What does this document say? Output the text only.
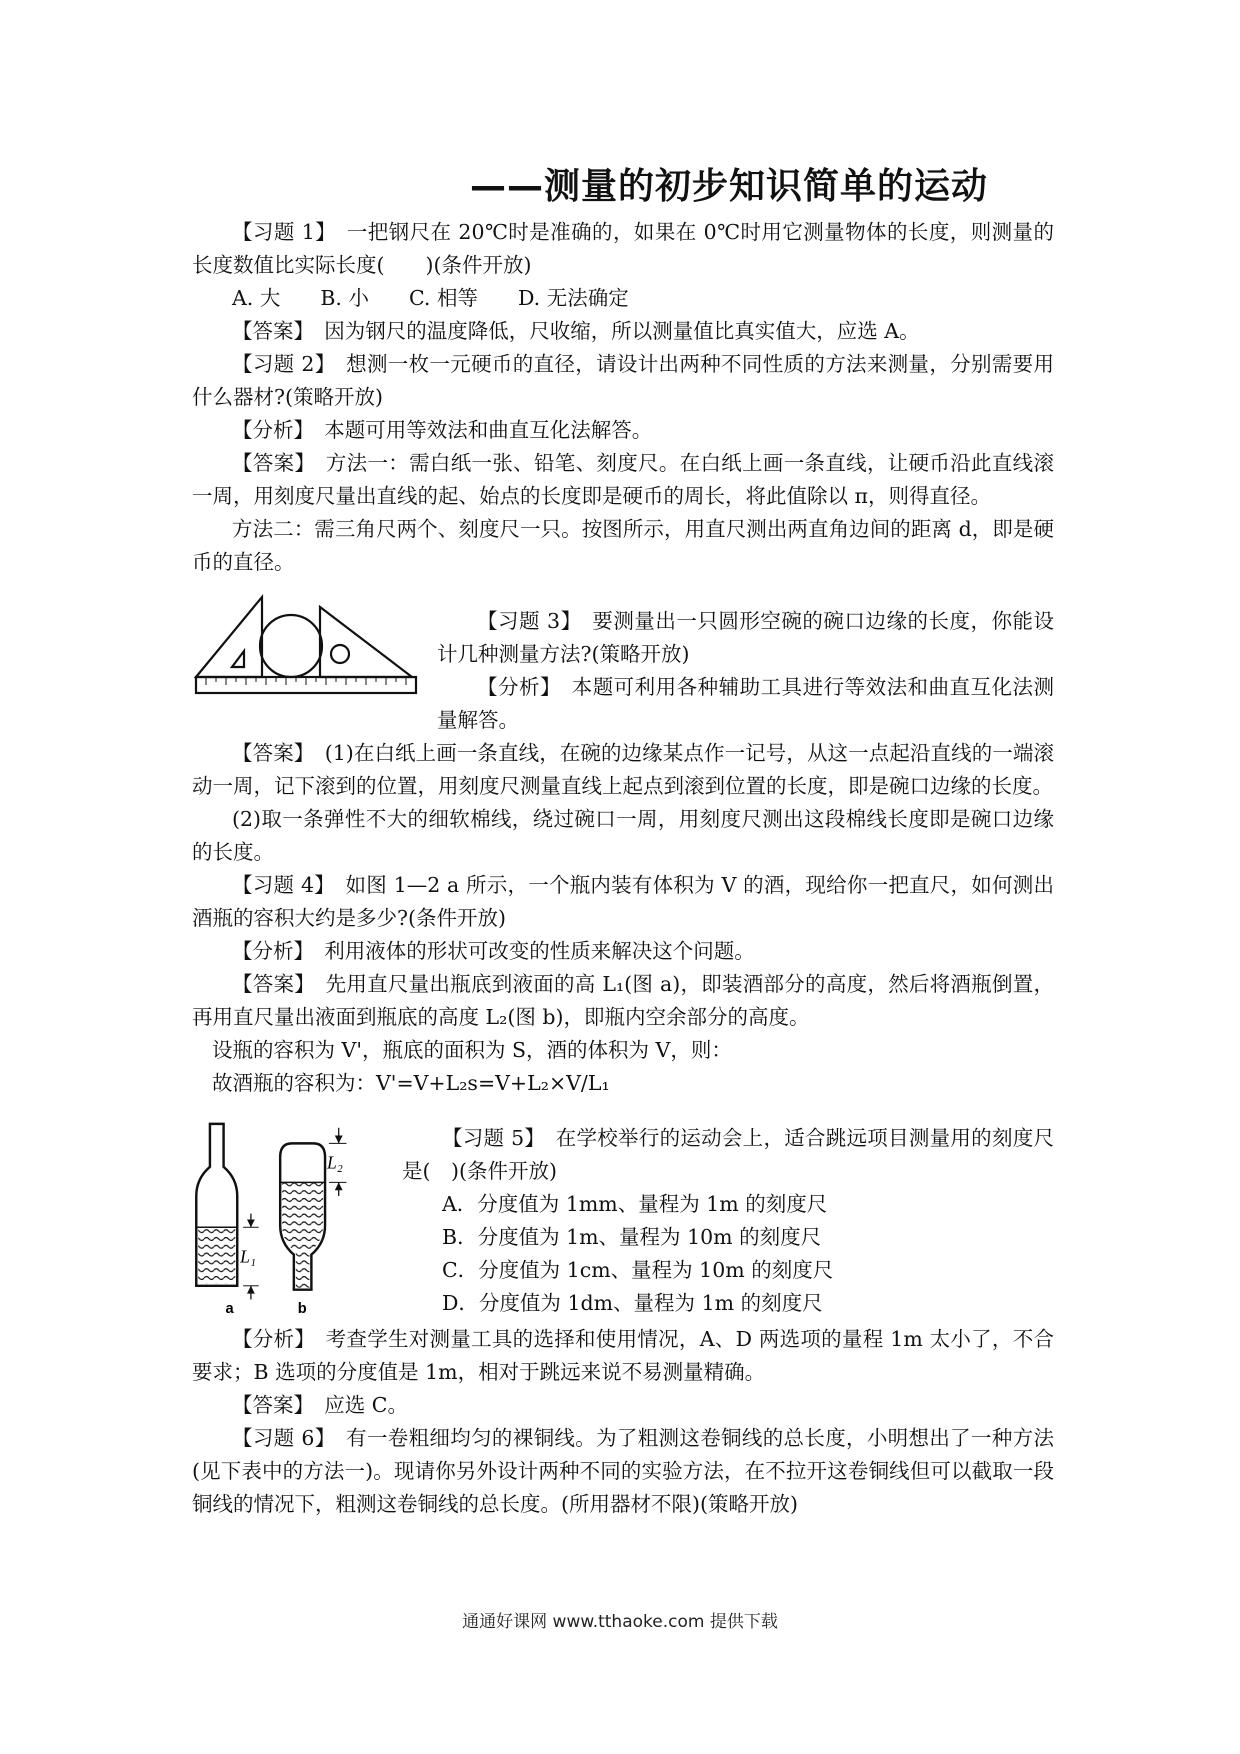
——测量的初步知识简单的运动

【习题 1】　一把钢尺在 20℃时是准确的，如果在 0℃时用它测量物体的长度，则测量的长度数值比实际长度(　　)(条件开放)

A. 大 B. 小 C. 相等 D. 无法确定

【答案】　因为钢尺的温度降低，尺收缩，所以测量值比真实值大，应选 A。

【习题 2】　想测一枚一元硬币的直径，请设计出两种不同性质的方法来测量，分别需要用什么器材?(策略开放)

【分析】　本题可用等效法和曲直互化法解答。

【答案】　方法一：需白纸一张、铅笔、刻度尺。在白纸上画一条直线，让硬币沿此直线滚一周，用刻度尺量出直线的起、始点的长度即是硬币的周长，将此值除以 π，则得直径。

方法二：需三角尺两个、刻度尺一只。按图所示，用直尺测出两直角边间的距离 d，即是硬币的直径。

【习题 3】　要测量出一只圆形空碗的碗口边缘的长度，你能设计几种测量方法?(策略开放)

【分析】　本题可利用各种辅助工具进行等效法和曲直互化法测量解答。

【答案】　(1)在白纸上画一条直线，在碗的边缘某点作一记号，从这一点起沿直线的一端滚动一周，记下滚到的位置，用刻度尺测量直线上起点到滚到位置的长度，即是碗口边缘的长度。

(2)取一条弹性不大的细软棉线，绕过碗口一周，用刻度尺测出这段棉线长度即是碗口边缘的长度。

【习题 4】　如图 1—2 a 所示，一个瓶内装有体积为 V 的酒，现给你一把直尺，如何测出酒瓶的容积大约是多少?(条件开放)

【分析】　利用液体的形状可改变的性质来解决这个问题。

【答案】　先用直尺量出瓶底到液面的高 L₁(图 a)，即装酒部分的高度，然后将酒瓶倒置，再用直尺量出液面到瓶底的高度 L₂(图 b)，即瓶内空余部分的高度。

设瓶的容积为 V'，瓶底的面积为 S，酒的体积为 V，则：

故酒瓶的容积为：V'=V+L₂s=V+L₂×V/L₁

L₁
a
L₂
b

【习题 5】　在学校举行的运动会上，适合跳远项目测量用的刻度尺是(　)(条件开放)

A．分度值为 1mm、量程为 1m 的刻度尺

B．分度值为 1m、量程为 10m 的刻度尺

C．分度值为 1cm、量程为 10m 的刻度尺

D．分度值为 1dm、量程为 1m 的刻度尺

【分析】　考查学生对测量工具的选择和使用情况，A、D 两选项的量程 1m 太小了，不合要求；B 选项的分度值是 1m，相对于跳远来说不易测量精确。

【答案】　应选 C。

【习题 6】　有一卷粗细均匀的裸铜线。为了粗测这卷铜线的总长度，小明想出了一种方法(见下表中的方法一)。现请你另外设计两种不同的实验方法，在不拉开这卷铜线但可以截取一段铜线的情况下，粗测这卷铜线的总长度。(所用器材不限)(策略开放)

通通好课网 www.tthaoke.com 提供下载
